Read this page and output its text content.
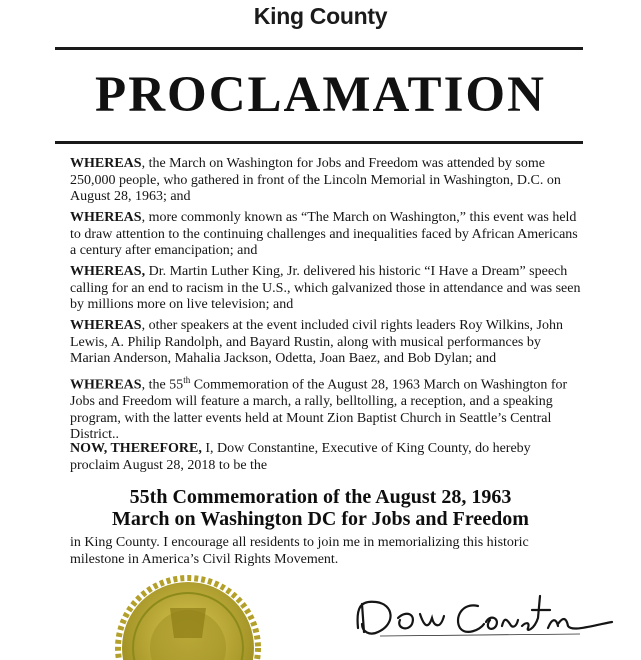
King County
PROCLAMATION

WHEREAS, the March on Washington for Jobs and Freedom was attended by some 250,000 people, who gathered in front of the Lincoln Memorial in Washington, D.C. on August 28, 1963; and

WHEREAS, more commonly known as “The March on Washington,” this event was held to draw attention to the continuing challenges and inequalities faced by African Americans a century after emancipation; and

WHEREAS, Dr. Martin Luther King, Jr. delivered his historic “I Have a Dream” speech calling for an end to racism in the U.S., which galvanized those in attendance and was seen by millions more on live television; and

WHEREAS, other speakers at the event included civil rights leaders Roy Wilkins, John Lewis, A. Philip Randolph, and Bayard Rustin, along with musical performances by Marian Anderson, Mahalia Jackson, Odetta, Joan Baez, and Bob Dylan; and

WHEREAS, the 55th Commemoration of the August 28, 1963 March on Washington for Jobs and Freedom will feature a march, a rally, belltolling, a reception, and a speaking program, with the latter events held at Mount Zion Baptist Church in Seattle’s Central District..

NOW, THEREFORE, I, Dow Constantine, Executive of King County, do hereby proclaim August 28, 2018 to be the

55th Commemoration of the August 28, 1963
March on Washington DC for Jobs and Freedom

in King County. I encourage all residents to join me in memorializing this historic milestone in America’s Civil Rights Movement.
